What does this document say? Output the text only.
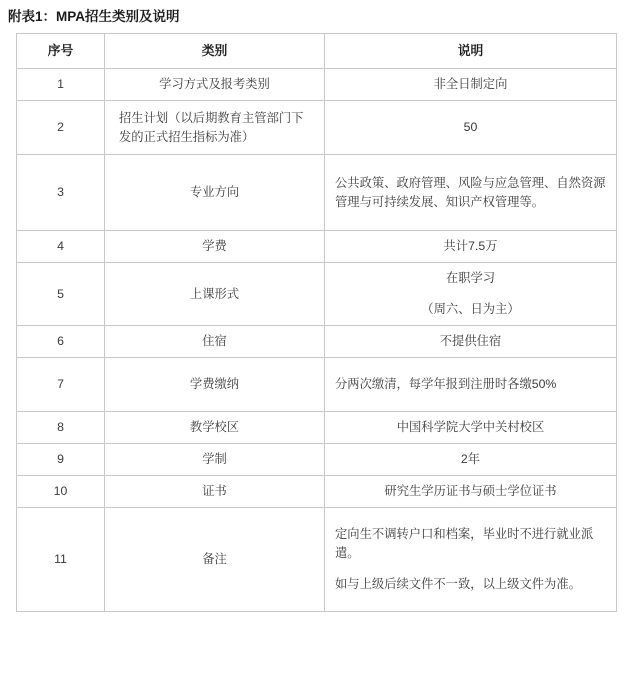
附表1：MPA招生类别及说明
序号	类别	说明
1	学习方式及报考类别	非全日制定向
2	招生计划（以后期教育主管部门下发的正式招生指标为准）	50
3	专业方向	公共政策、政府管理、风险与应急管理、自然资源管理与可持续发展、知识产权管理等。
4	学费	共计7.5万
5	上课形式	在职学习

（周六、日为主）

6	住宿	不提供住宿
7	学费缴纳	分两次缴清，每学年报到注册时各缴50%
8	教学校区	中国科学院大学中关村校区
9	学制	2年
10	证书	研究生学历证书与硕士学位证书
11	备注	定向生不调转户口和档案，毕业时不进行就业派遣。

如与上级后续文件不一致，以上级文件为准。
